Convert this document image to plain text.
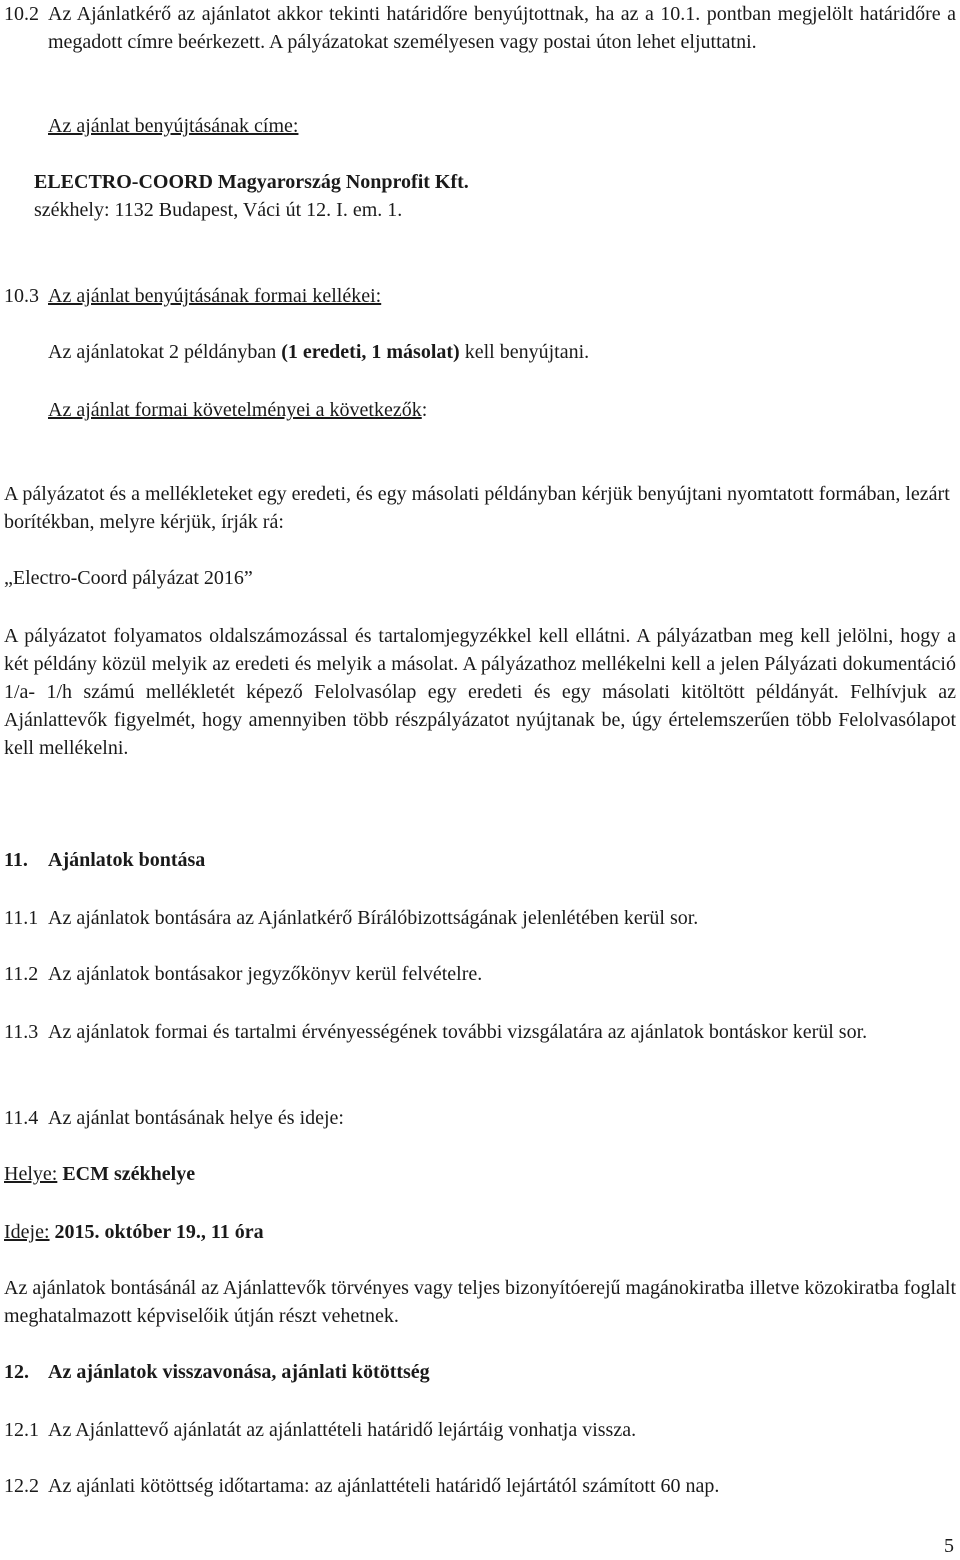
10.2 Az Ajánlatkérő az ajánlatot akkor tekinti határidőre benyújtottnak, ha az a 10.1. pontban megjelölt határidőre a megadott címre beérkezett. A pályázatokat személyesen vagy postai úton lehet eljuttatni.
Az ajánlat benyújtásának címe:
ELECTRO-COORD Magyarország Nonprofit Kft.
székhely: 1132 Budapest, Váci út 12. I. em. 1.
10.3 Az ajánlat benyújtásának formai kellékei:
Az ajánlatokat 2 példányban (1 eredeti, 1 másolat) kell benyújtani.
Az ajánlat formai követelményei a következők:
A pályázatot és a mellékleteket egy eredeti, és egy másolati példányban kérjük benyújtani nyomtatott formában, lezárt borítékban, melyre kérjük, írják rá:
„Electro-Coord pályázat 2016”
A pályázatot folyamatos oldalszámozással és tartalomjegyzékkel kell ellátni. A pályázatban meg kell jelölni, hogy a két példány közül melyik az eredeti és melyik a másolat. A pályázathoz mellékelni kell a jelen Pályázati dokumentáció 1/a- 1/h számú mellékletét képező Felolvasólap egy eredeti és egy másolati kitöltött példányát. Felhívjuk az Ajánlattevők figyelmét, hogy amennyiben több részpályázatot nyújtanak be, úgy értelemszerűen több Felolvasólapot kell mellékelni.
11. Ajánlatok bontása
11.1 Az ajánlatok bontására az Ajánlatkérő Bírálóbizottságának jelenlétében kerül sor.
11.2 Az ajánlatok bontásakor jegyzőkönyv kerül felvételre.
11.3 Az ajánlatok formai és tartalmi érvényességének további vizsgálatára az ajánlatok bontáskor kerül sor.
11.4 Az ajánlat bontásának helye és ideje:
Helye: ECM székhelye
Ideje: 2015. október 19., 11 óra
Az ajánlatok bontásánál az Ajánlattevők törvényes vagy teljes bizonyítóerejű magánokiratba illetve közokiratba foglalt meghatalmazott képviselőik útján részt vehetnek.
12. Az ajánlatok visszavonása, ajánlati kötöttség
12.1 Az Ajánlattevő ajánlatát az ajánlattételi határidő lejártáig vonhatja vissza.
12.2 Az ajánlati kötöttség időtartama: az ajánlattételi határidő lejártától számított 60 nap.
5
